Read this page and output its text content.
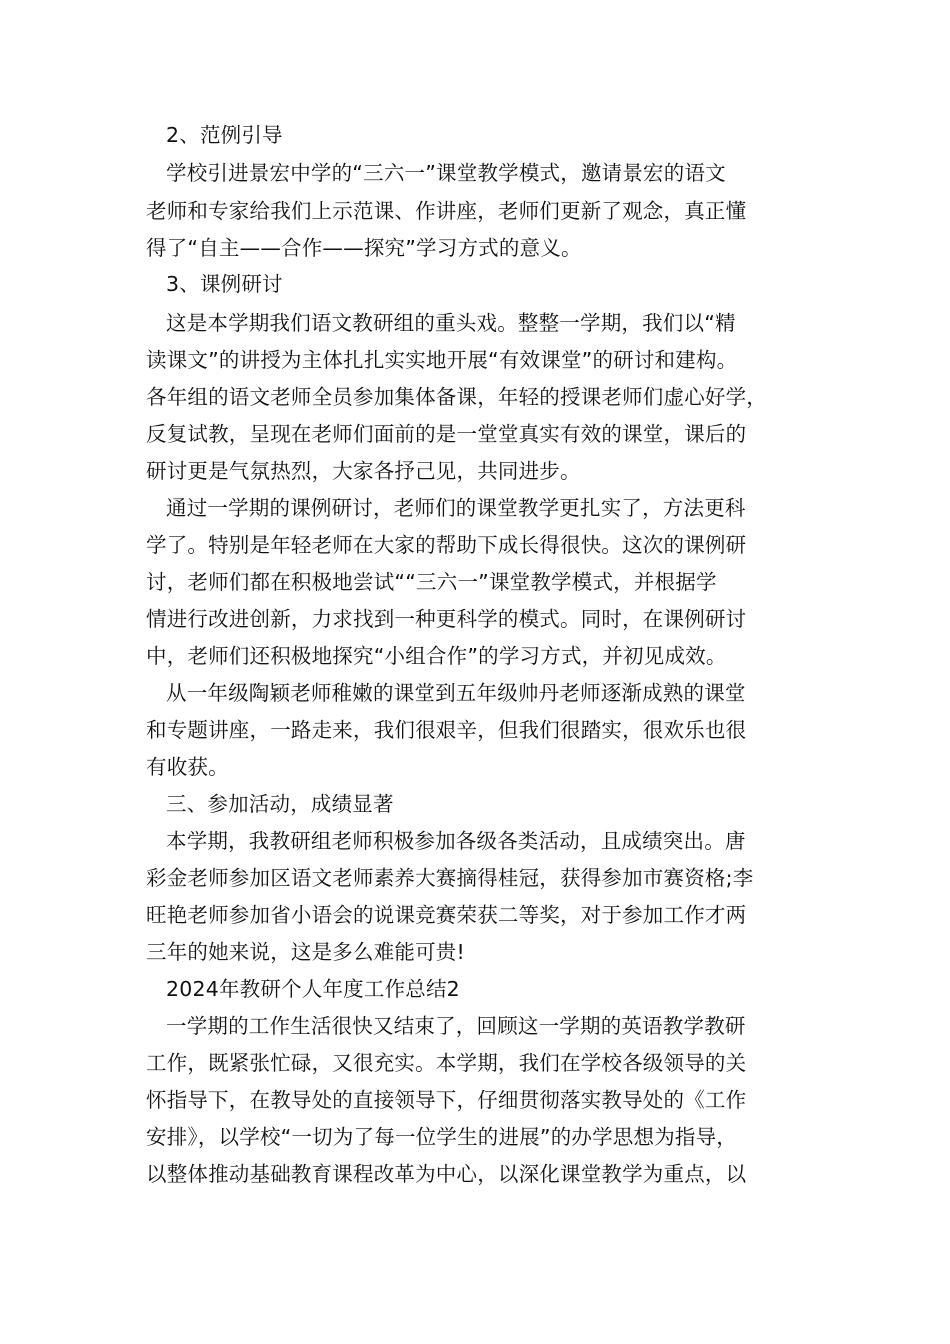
2、范例引导
学校引进景宏中学的“三六一”课堂教学模式，邀请景宏的语文
老师和专家给我们上示范课、作讲座，老师们更新了观念，真正懂
得了“自主——合作——探究”学习方式的意义。
3、课例研讨
这是本学期我们语文教研组的重头戏。整整一学期，我们以“精
读课文”的讲授为主体扎扎实实地开展“有效课堂”的研讨和建构。
各年组的语文老师全员参加集体备课，年轻的授课老师们虚心好学，
反复试教，呈现在老师们面前的是一堂堂真实有效的课堂，课后的
研讨更是气氛热烈，大家各抒己见，共同进步。
通过一学期的课例研讨，老师们的课堂教学更扎实了，方法更科
学了。特别是年轻老师在大家的帮助下成长得很快。这次的课例研
讨，老师们都在积极地尝试““三六一”课堂教学模式，并根据学
情进行改进创新，力求找到一种更科学的模式。同时，在课例研讨
中，老师们还积极地探究“小组合作”的学习方式，并初见成效。
从一年级陶颖老师稚嫩的课堂到五年级帅丹老师逐渐成熟的课堂
和专题讲座，一路走来，我们很艰辛，但我们很踏实，很欢乐也很
有收获。
三、参加活动，成绩显著
本学期，我教研组老师积极参加各级各类活动，且成绩突出。唐
彩金老师参加区语文老师素养大赛摘得桂冠，获得参加市赛资格;李
旺艳老师参加省小语会的说课竞赛荣获二等奖，对于参加工作才两
三年的她来说，这是多么难能可贵!
2024年教研个人年度工作总结2
一学期的工作生活很快又结束了，回顾这一学期的英语教学教研
工作，既紧张忙碌，又很充实。本学期，我们在学校各级领导的关
怀指导下，在教导处的直接领导下，仔细贯彻落实教导处的《工作
安排》，以学校“一切为了每一位学生的进展”的办学思想为指导，
以整体推动基础教育课程改革为中心，以深化课堂教学为重点，以
